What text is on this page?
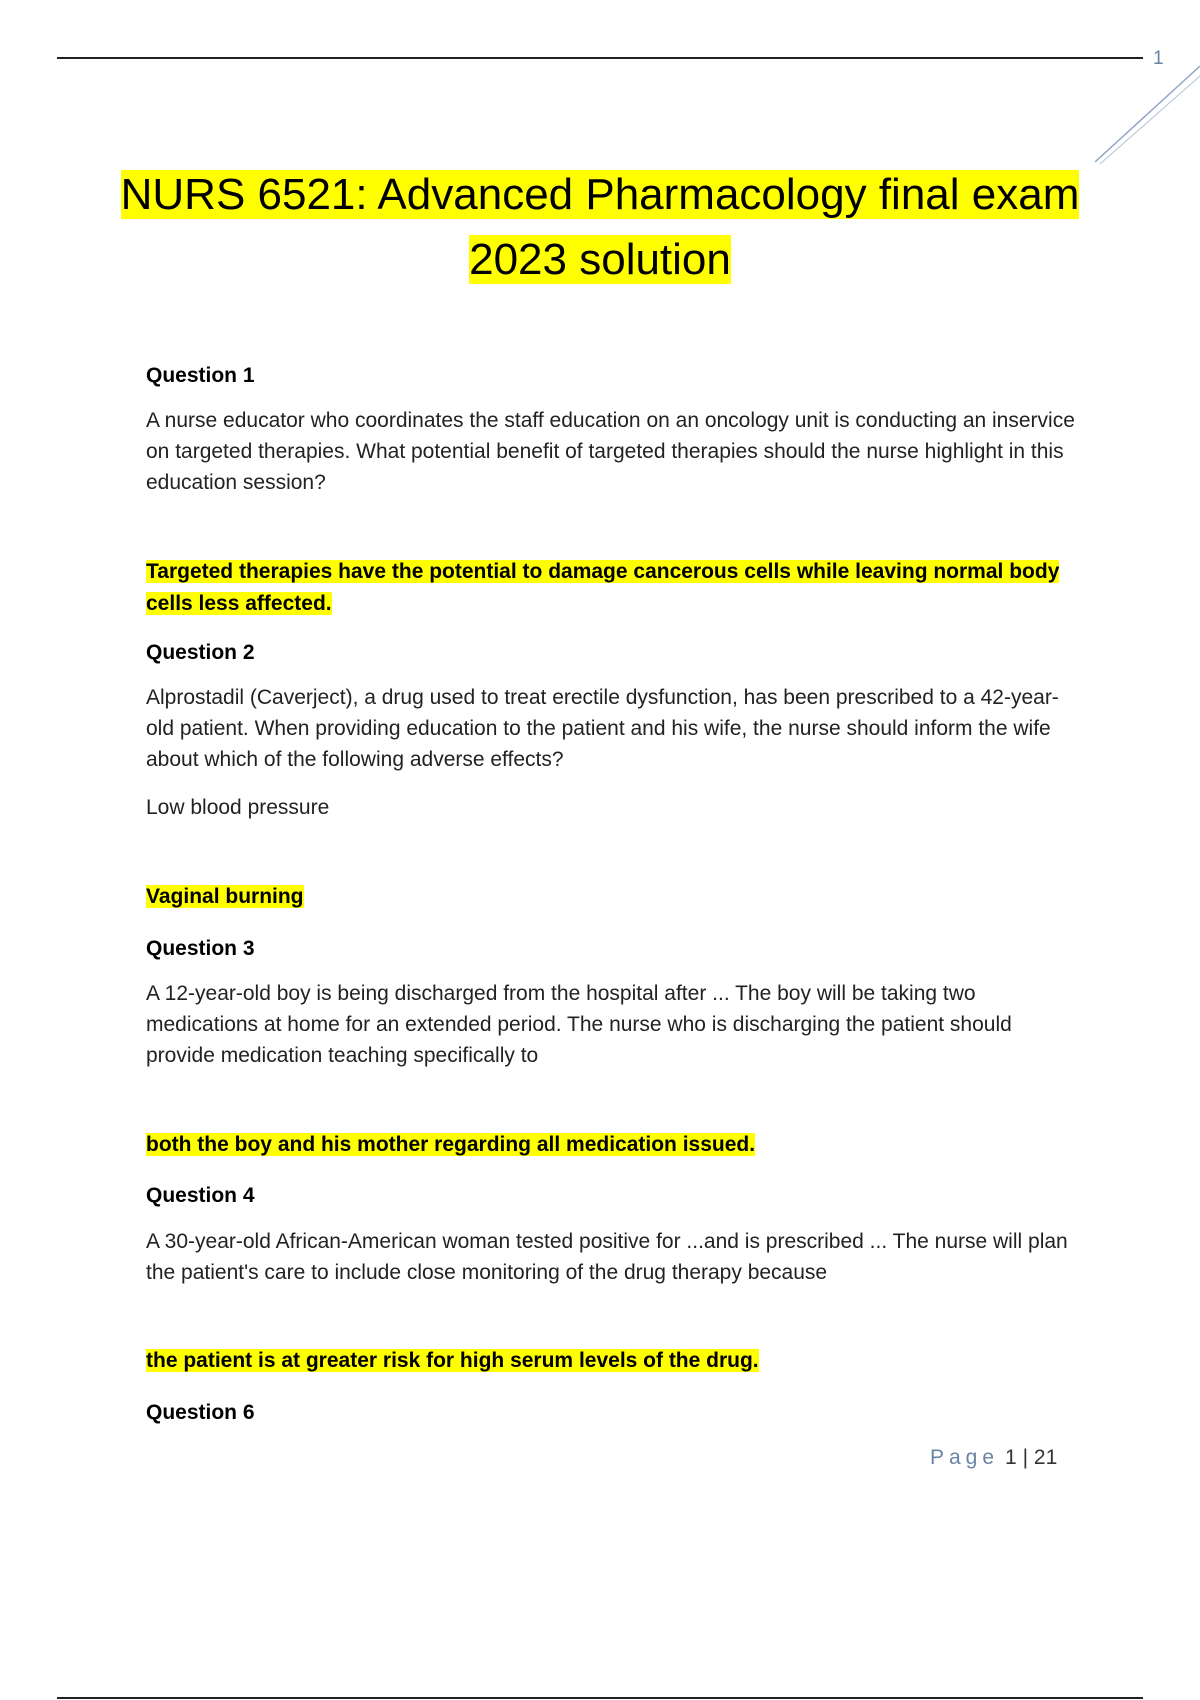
1
NURS 6521: Advanced Pharmacology final exam
2023 solution
Question 1
A nurse educator who coordinates the staff education on an oncology unit is conducting an inservice on targeted therapies. What potential benefit of targeted therapies should the nurse highlight in this education session?
Targeted therapies have the potential to damage cancerous cells while leaving normal body cells less affected.
Question 2
Alprostadil (Caverject), a drug used to treat erectile dysfunction, has been prescribed to a 42-year-old patient. When providing education to the patient and his wife, the nurse should inform the wife about which of the following adverse effects?
Low blood pressure
Vaginal burning
Question 3
A 12-year-old boy is being discharged from the hospital after ... The boy will be taking two medications at home for an extended period. The nurse who is discharging the patient should provide medication teaching specifically to
both the boy and his mother regarding all medication issued.
Question 4
A 30-year-old African-American woman tested positive for ...and is prescribed ... The nurse will plan the patient's care to include close monitoring of the drug therapy because
the patient is at greater risk for high serum levels of the drug.
Question 6
Page 1 | 21
